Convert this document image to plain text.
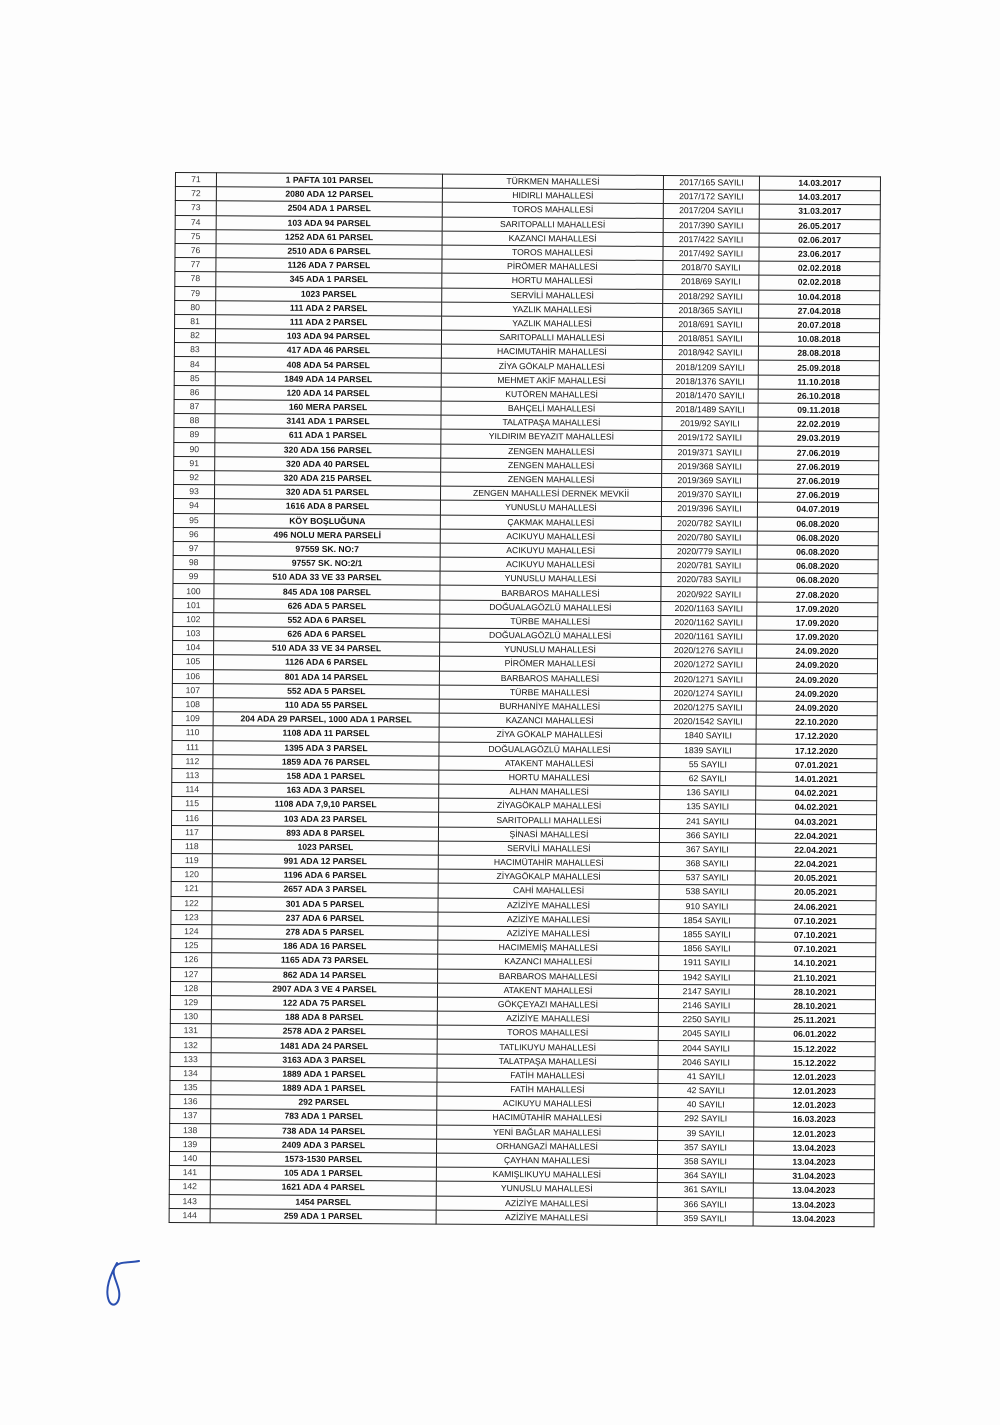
71	1 PAFTA 101 PARSEL	TÜRKMEN MAHALLESİ	2017/165 SAYILI	14.03.2017
72	2080 ADA 12 PARSEL	HIDIRLI MAHALLESİ	2017/172 SAYILI	14.03.2017
73	2504 ADA 1 PARSEL	TOROS MAHALLESİ	2017/204 SAYILI	31.03.2017
74	103 ADA 94 PARSEL	SARITOPALLI MAHALLESİ	2017/390 SAYILI	26.05.2017
75	1252 ADA 61 PARSEL	KAZANCI MAHALLESİ	2017/422 SAYILI	02.06.2017
76	2510 ADA 6 PARSEL	TOROS MAHALLESİ	2017/492 SAYILI	23.06.2017
77	1126 ADA 7 PARSEL	PİRÖMER MAHALLESİ	2018/70 SAYILI	02.02.2018
78	345 ADA 1 PARSEL	HORTU MAHALLESİ	2018/69 SAYILI	02.02.2018
79	1023 PARSEL	SERVİLİ MAHALLESİ	2018/292 SAYILI	10.04.2018
80	111 ADA 2 PARSEL	YAZLIK MAHALLESİ	2018/365 SAYILI	27.04.2018
81	111 ADA 2 PARSEL	YAZLIK MAHALLESİ	2018/691 SAYILI	20.07.2018
82	103 ADA 94 PARSEL	SARITOPALLI MAHALLESİ	2018/851 SAYILI	10.08.2018
83	417 ADA 46 PARSEL	HACIMUTAHİR MAHALLESİ	2018/942 SAYILI	28.08.2018
84	408 ADA 54 PARSEL	ZİYA GÖKALP MAHALLESİ	2018/1209 SAYILI	25.09.2018
85	1849 ADA 14 PARSEL	MEHMET AKİF MAHALLESİ	2018/1376 SAYILI	11.10.2018
86	120 ADA 14 PARSEL	KUTÖREN MAHALLESİ	2018/1470 SAYILI	26.10.2018
87	160 MERA PARSEL	BAHÇELİ MAHALLESİ	2018/1489 SAYILI	09.11.2018
88	3141 ADA 1 PARSEL	TALATPAŞA MAHALLESİ	2019/92 SAYILI	22.02.2019
89	611 ADA 1 PARSEL	YILDIRIM BEYAZIT MAHALLESİ	2019/172 SAYILI	29.03.2019
90	320 ADA 156 PARSEL	ZENGEN MAHALLESİ	2019/371 SAYILI	27.06.2019
91	320 ADA 40 PARSEL	ZENGEN MAHALLESİ	2019/368 SAYILI	27.06.2019
92	320 ADA 215 PARSEL	ZENGEN MAHALLESİ	2019/369 SAYILI	27.06.2019
93	320 ADA 51 PARSEL	ZENGEN MAHALLESİ DERNEK MEVKİİ	2019/370 SAYILI	27.06.2019
94	1616 ADA 8 PARSEL	YUNUSLU MAHALLESİ	2019/396 SAYILI	04.07.2019
95	KÖY BOŞLUĞUNA	ÇAKMAK MAHALLESİ	2020/782 SAYILI	06.08.2020
96	496 NOLU MERA PARSELİ	ACIKUYU MAHALLESİ	2020/780 SAYILI	06.08.2020
97	97559 SK. NO:7	ACIKUYU MAHALLESİ	2020/779 SAYILI	06.08.2020
98	97557 SK. NO:2/1	ACIKUYU MAHALLESİ	2020/781 SAYILI	06.08.2020
99	510 ADA 33 VE 33 PARSEL	YUNUSLU MAHALLESİ	2020/783 SAYILI	06.08.2020
100	845 ADA 108 PARSEL	BARBAROS MAHALLESİ	2020/922 SAYILI	27.08.2020
101	626 ADA 5 PARSEL	DOĞUALAGÖZLÜ MAHALLESİ	2020/1163 SAYILI	17.09.2020
102	552 ADA 6 PARSEL	TÜRBE MAHALLESİ	2020/1162 SAYILI	17.09.2020
103	626 ADA 6 PARSEL	DOĞUALAGÖZLÜ MAHALLESİ	2020/1161 SAYILI	17.09.2020
104	510 ADA 33 VE 34 PARSEL	YUNUSLU MAHALLESİ	2020/1276 SAYILI	24.09.2020
105	1126 ADA 6 PARSEL	PİRÖMER MAHALLESİ	2020/1272 SAYILI	24.09.2020
106	801 ADA 14 PARSEL	BARBAROS MAHALLESİ	2020/1271 SAYILI	24.09.2020
107	552 ADA 5 PARSEL	TÜRBE MAHALLESİ	2020/1274 SAYILI	24.09.2020
108	110 ADA 55 PARSEL	BURHANİYE MAHALLESİ	2020/1275 SAYILI	24.09.2020
109	204 ADA 29 PARSEL, 1000 ADA 1 PARSEL	KAZANCI MAHALLESİ	2020/1542 SAYILI	22.10.2020
110	1108 ADA 11 PARSEL	ZİYA GÖKALP MAHALLESİ	1840 SAYILI	17.12.2020
111	1395 ADA 3 PARSEL	DOĞUALAGÖZLÜ MAHALLESİ	1839 SAYILI	17.12.2020
112	1859 ADA 76 PARSEL	ATAKENT MAHALLESİ	55 SAYILI	07.01.2021
113	158 ADA 1 PARSEL	HORTU MAHALLESİ	62 SAYILI	14.01.2021
114	163 ADA 3 PARSEL	ALHAN MAHALLESİ	136 SAYILI	04.02.2021
115	1108 ADA 7,9,10 PARSEL	ZİYAGÖKALP MAHALLESİ	135 SAYILI	04.02.2021
116	103 ADA 23 PARSEL	SARITOPALLI MAHALLESİ	241 SAYILI	04.03.2021
117	893 ADA 8 PARSEL	ŞİNASİ MAHALLESİ	366 SAYILI	22.04.2021
118	1023 PARSEL	SERVİLİ MAHALLESİ	367 SAYILI	22.04.2021
119	991 ADA 12 PARSEL	HACIMÜTAHİR MAHALLESİ	368 SAYILI	22.04.2021
120	1196 ADA 6 PARSEL	ZİYAGÖKALP MAHALLESİ	537 SAYILI	20.05.2021
121	2657 ADA 3 PARSEL	CAHİ MAHALLESİ	538 SAYILI	20.05.2021
122	301 ADA 5 PARSEL	AZİZİYE MAHALLESİ	910 SAYILI	24.06.2021
123	237 ADA 6 PARSEL	AZİZİYE MAHALLESİ	1854 SAYILI	07.10.2021
124	278 ADA 5 PARSEL	AZİZİYE MAHALLESİ	1855 SAYILI	07.10.2021
125	186 ADA 16 PARSEL	HACIMEMİŞ MAHALLESİ	1856 SAYILI	07.10.2021
126	1165 ADA 73 PARSEL	KAZANCI MAHALLESİ	1911 SAYILI	14.10.2021
127	862 ADA 14 PARSEL	BARBAROS MAHALLESİ	1942 SAYILI	21.10.2021
128	2907 ADA 3 VE 4 PARSEL	ATAKENT MAHALLESİ	2147 SAYILI	28.10.2021
129	122 ADA 75 PARSEL	GÖKÇEYAZI MAHALLESİ	2146 SAYILI	28.10.2021
130	188 ADA 8 PARSEL	AZİZİYE MAHALLESİ	2250 SAYILI	25.11.2021
131	2578 ADA 2 PARSEL	TOROS MAHALLESİ	2045 SAYILI	06.01.2022
132	1481 ADA 24 PARSEL	TATLIKUYU MAHALLESİ	2044 SAYILI	15.12.2022
133	3163 ADA 3 PARSEL	TALATPAŞA MAHALLESİ	2046 SAYILI	15.12.2022
134	1889 ADA 1 PARSEL	FATİH MAHALLESİ	41 SAYILI	12.01.2023
135	1889 ADA 1 PARSEL	FATİH MAHALLESİ	42 SAYILI	12.01.2023
136	292 PARSEL	ACIKUYU MAHALLESİ	40 SAYILI	12.01.2023
137	783 ADA 1 PARSEL	HACIMÜTAHİR MAHALLESİ	292 SAYILI	16.03.2023
138	738 ADA 14 PARSEL	YENİ BAĞLAR MAHALLESİ	39 SAYILI	12.01.2023
139	2409 ADA 3 PARSEL	ORHANGAZİ MAHALLESİ	357 SAYILI	13.04.2023
140	1573-1530 PARSEL	ÇAYHAN MAHALLESİ	358 SAYILI	13.04.2023
141	105 ADA 1 PARSEL	KAMIŞLIKUYU MAHALLESİ	364 SAYILI	31.04.2023
142	1621 ADA 4 PARSEL	YUNUSLU MAHALLESİ	361 SAYILI	13.04.2023
143	1454 PARSEL	AZİZİYE MAHALLESİ	366 SAYILI	13.04.2023
144	259 ADA 1 PARSEL	AZİZİYE MAHALLESİ	359 SAYILI	13.04.2023
